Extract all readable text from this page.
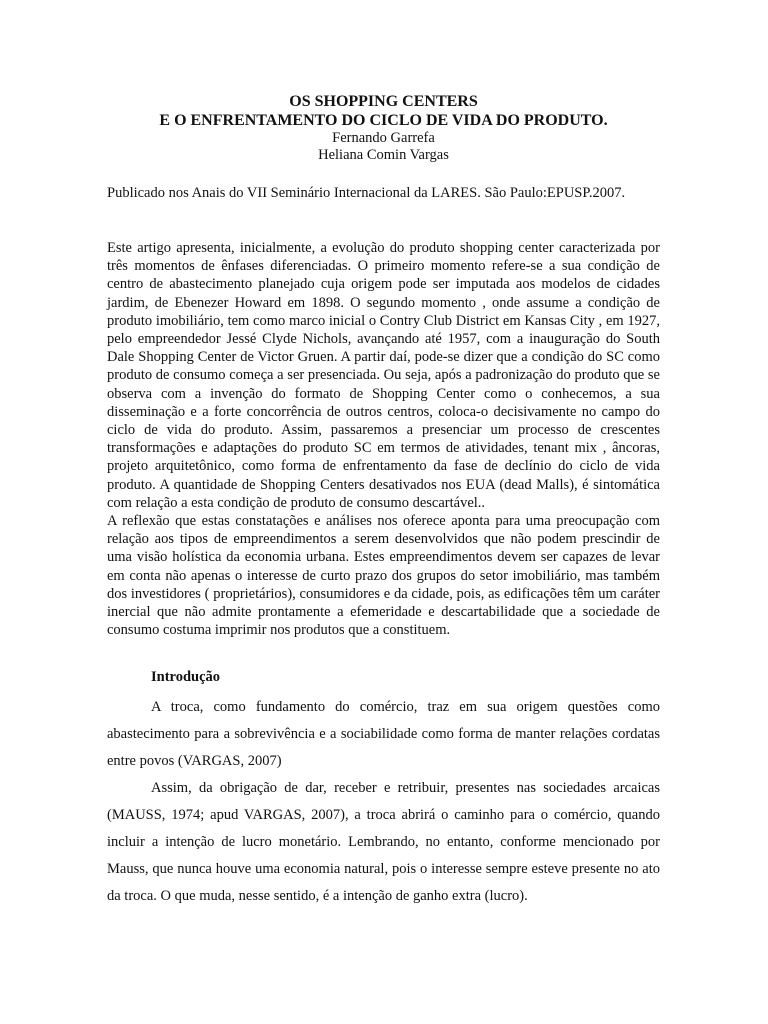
OS SHOPPING CENTERS
E O ENFRENTAMENTO DO CICLO DE VIDA DO PRODUTO.

Fernando Garrefa

Heliana Comin Vargas

Publicado nos Anais do VII Seminário Internacional da LARES. São Paulo:EPUSP.2007.

Este artigo apresenta, inicialmente, a evolução do produto shopping center caracterizada por três momentos de ênfases diferenciadas. O primeiro momento refere-se a sua condição de centro de abastecimento planejado cuja origem pode ser imputada aos modelos de cidades jardim, de Ebenezer Howard em 1898. O segundo momento , onde assume a condição de produto imobiliário, tem como marco inicial o Contry Club District em Kansas City , em 1927, pelo empreendedor Jessé Clyde Nichols, avançando até 1957, com a inauguração do South Dale Shopping Center de Victor Gruen. A partir daí, pode-se dizer que a condição do SC como produto de consumo começa a ser presenciada. Ou seja, após a padronização do produto que se observa com a invenção do formato de Shopping Center como o conhecemos, a sua disseminação e a forte concorrência de outros centros, coloca-o decisivamente no campo do ciclo de vida do produto. Assim, passaremos a presenciar um processo de crescentes transformações e adaptações do produto SC em termos de atividades, tenant mix , âncoras, projeto arquitetônico, como forma de enfrentamento da fase de declínio do ciclo de vida produto. A quantidade de Shopping Centers desativados nos EUA (dead Malls), é sintomática com relação a esta condição de produto de consumo descartável..

A reflexão que estas constatações e análises nos oferece aponta para uma preocupação com relação aos tipos de empreendimentos a serem desenvolvidos que não podem prescindir de uma visão holística da economia urbana. Estes empreendimentos devem ser capazes de levar em conta não apenas o interesse de curto prazo dos grupos do setor imobiliário, mas também dos investidores ( proprietários), consumidores e da cidade, pois, as edificações têm um caráter inercial que não admite prontamente a efemeridade e descartabilidade que a sociedade de consumo costuma imprimir nos produtos que a constituem.

Introdução

A troca, como fundamento do comércio, traz em sua origem questões como abastecimento para a sobrevivência e a sociabilidade como forma de manter relações cordatas entre povos (VARGAS, 2007)

Assim, da obrigação de dar, receber e retribuir, presentes nas sociedades arcaicas (MAUSS, 1974; apud VARGAS, 2007), a troca abrirá o caminho para o comércio, quando incluir a intenção de lucro monetário. Lembrando, no entanto, conforme mencionado por Mauss, que nunca houve uma economia natural, pois o interesse sempre esteve presente no ato da troca. O que muda, nesse sentido, é a intenção de ganho extra (lucro).
